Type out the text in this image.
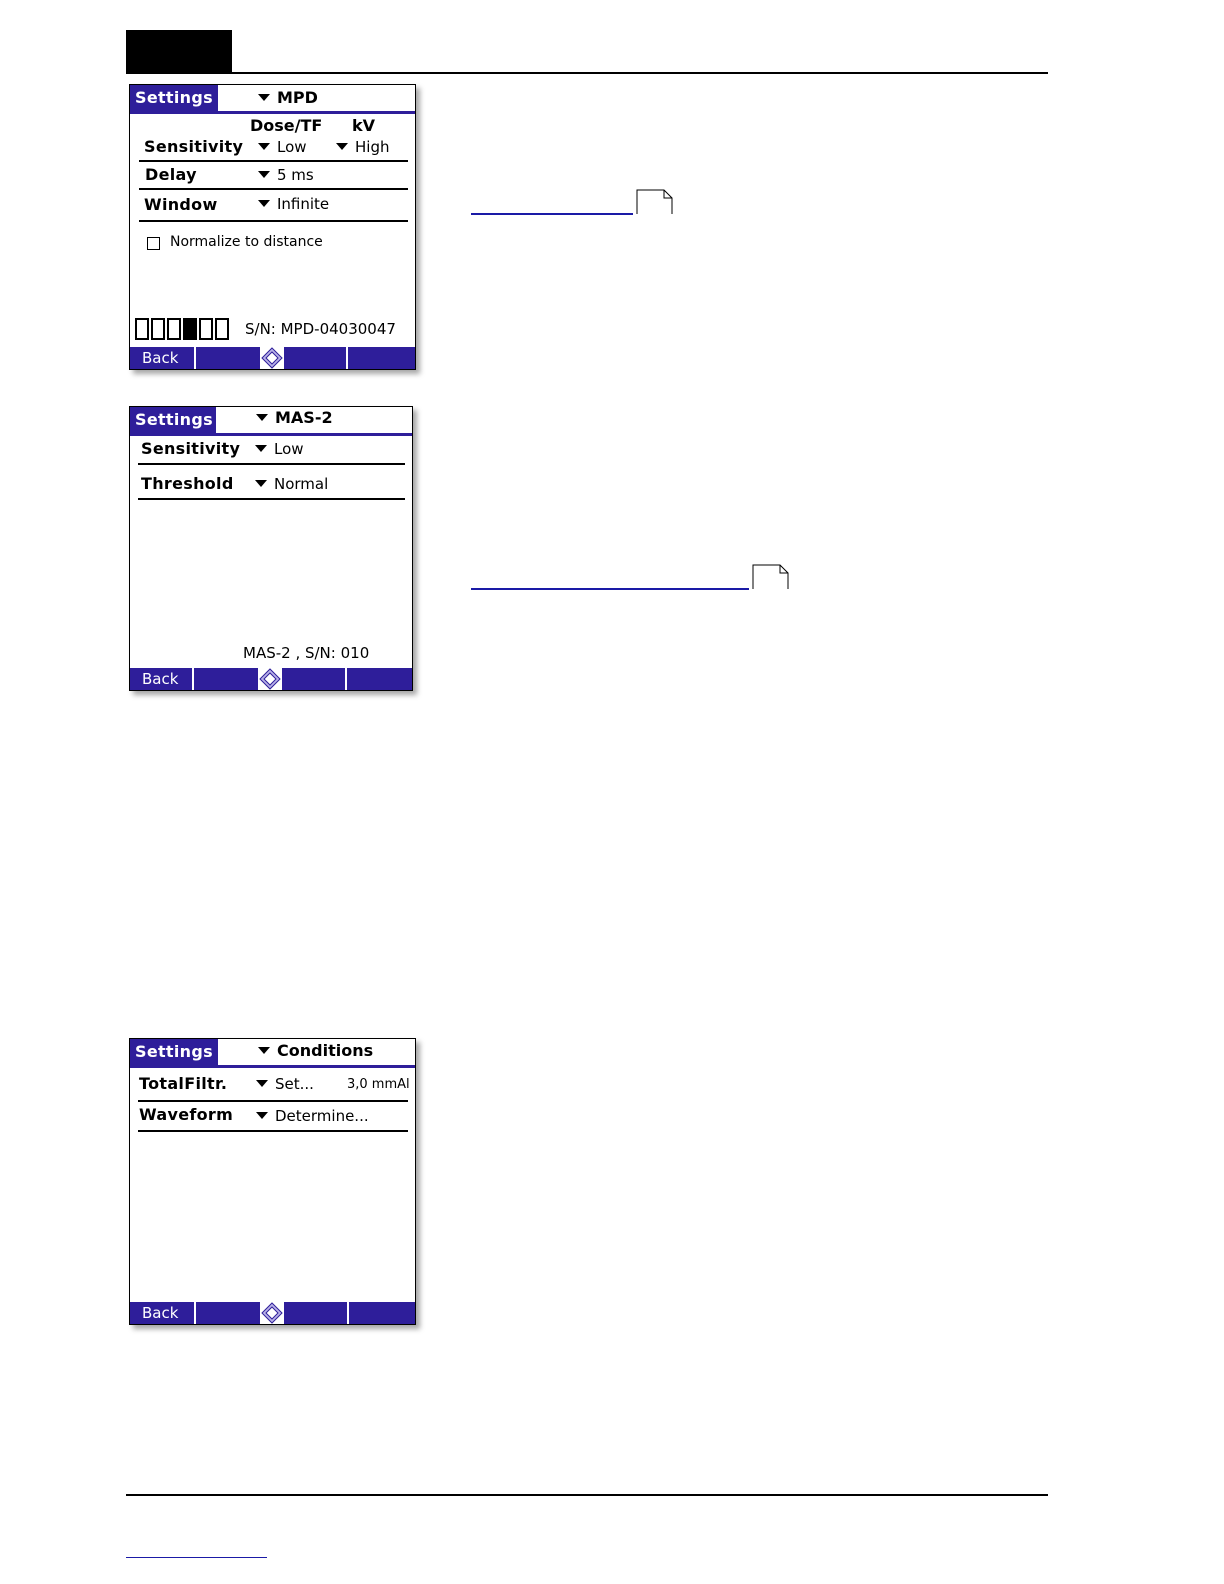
Settings	MPD
Dose/TF kV
Sensitivity	Low	High
Delay	5 ms
Window	Infinite
Normalize to distance
S/N: MPD-04030047
Back
Settings	MAS-2
Sensitivity	Low
Threshold	Normal
MAS-2 , S/N: 010
Back
Settings	Conditions
TotalFiltr.	Set...	3,0 mmAl
Waveform	Determine...
Back
